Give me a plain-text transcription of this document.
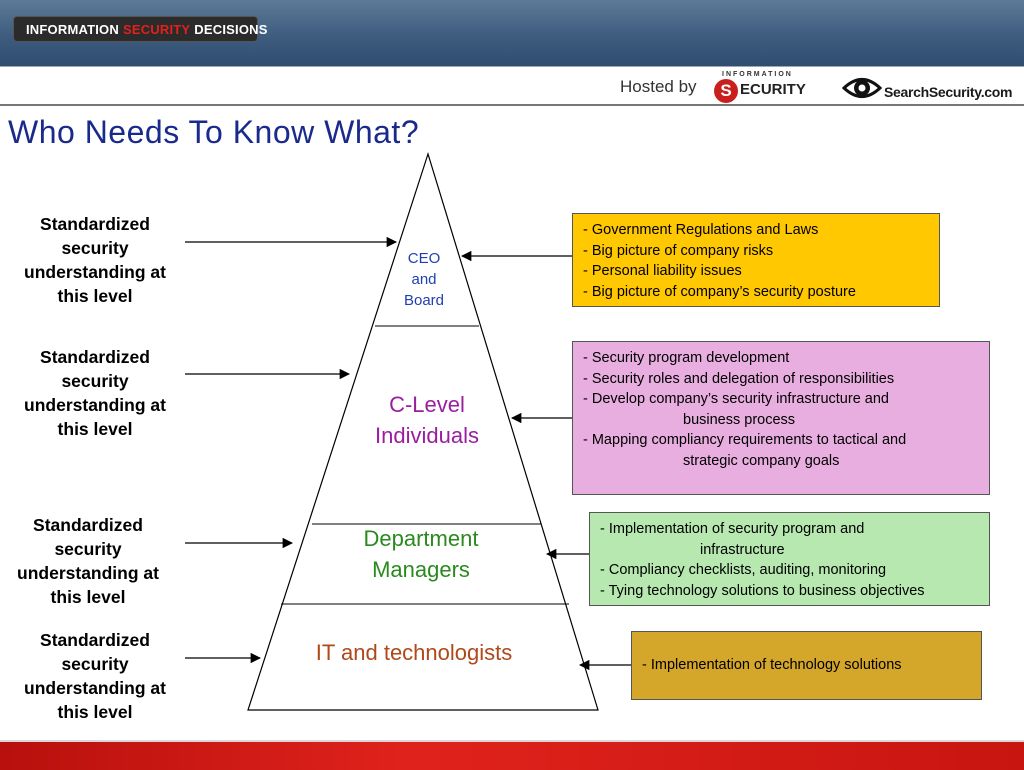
INFORMATION SECURITY DECISIONS
Hosted by
INFORMATION
S ECURITY	SearchSecurity.com
Who Needs To Know What?
CEO
and
Board
C-Level
Individuals
Department
Managers
IT and technologists
Standardized security understanding at this level
Standardized security understanding at this level
Standardized security understanding at this level
Standardized security understanding at this level
- Government Regulations and Laws
- Big picture of company risks
- Personal liability issues
- Big picture of company’s security posture
- Security program development
- Security roles and delegation of responsibilities
- Develop company’s security infrastructure and
business process
- Mapping compliancy requirements to tactical and
strategic company goals
- Implementation of security program and
infrastructure
- Compliancy checklists, auditing, monitoring
- Tying technology solutions to business objectives
- Implementation of technology solutions
